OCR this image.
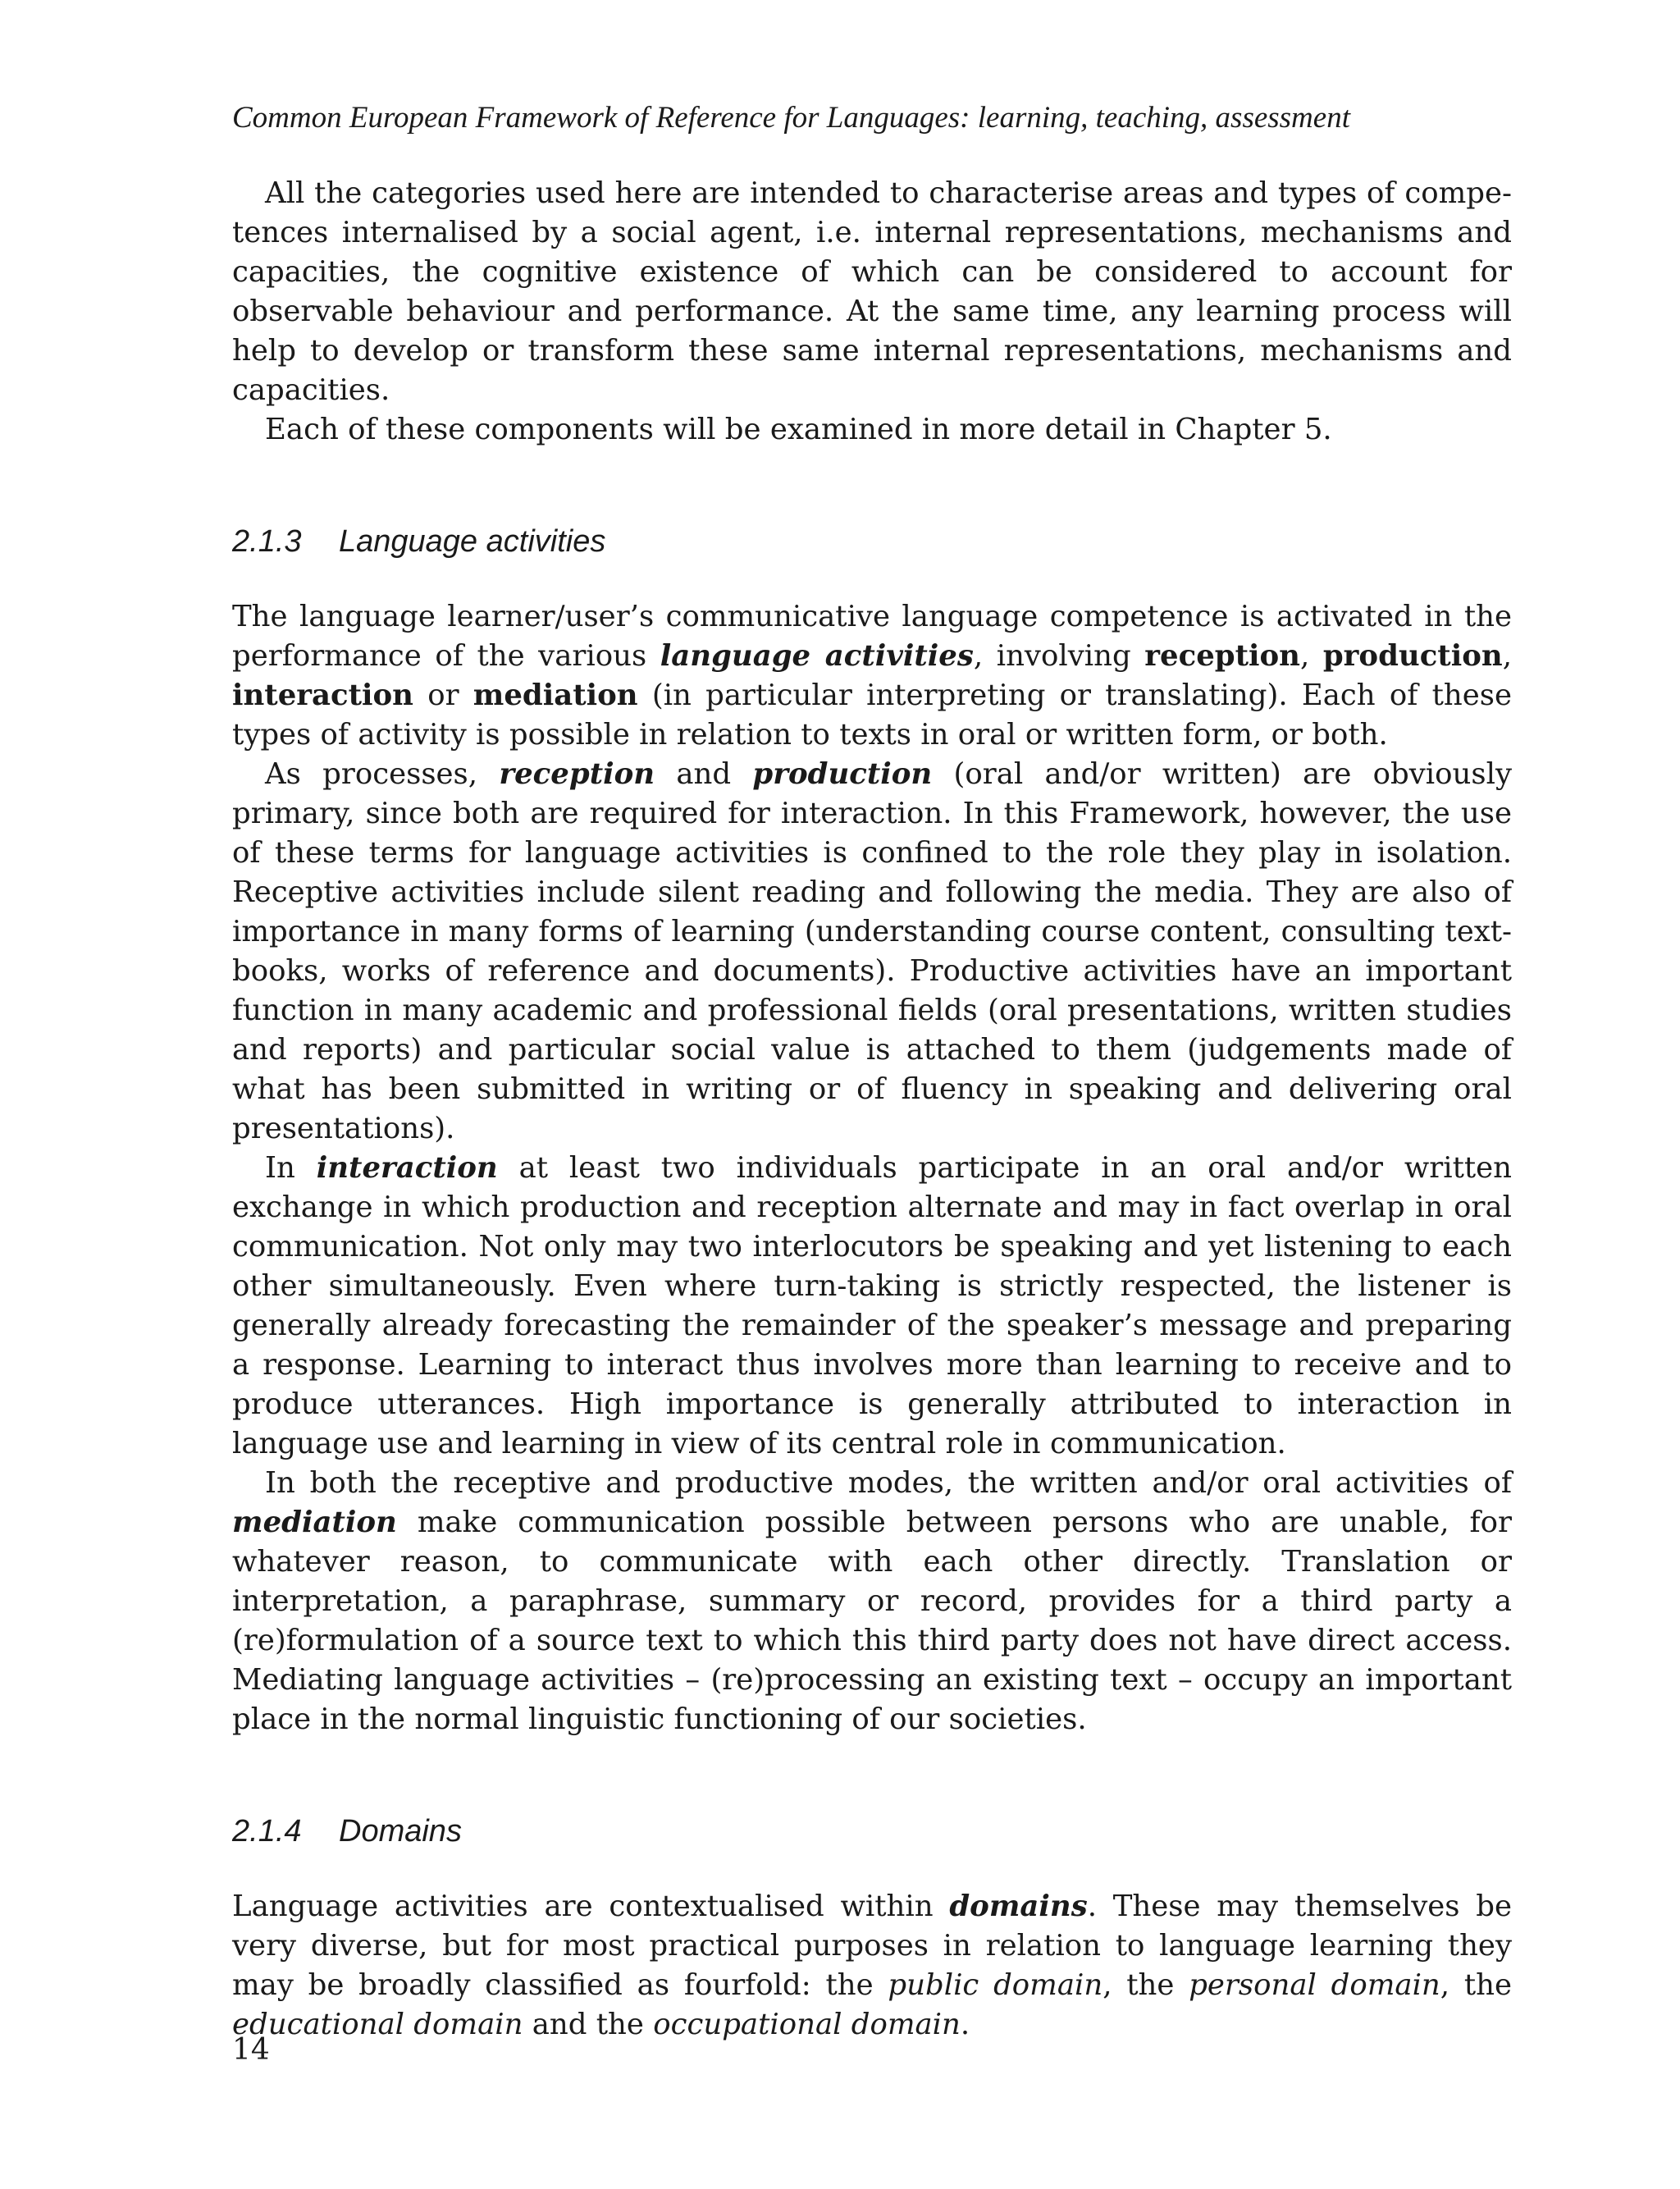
Common European Framework of Reference for Languages: learning, teaching, assessment

All the categories used here are intended to characterise areas and types of competences internalised by a social agent, i.e. internal representations, mechanisms and capacities, the cognitive existence of which can be considered to account for observable behaviour and performance. At the same time, any learning process will help to develop or transform these same internal representations, mechanisms and capacities.

Each of these components will be examined in more detail in Chapter 5.

2.1.3 Language activities

The language learner/user’s communicative language competence is activated in the performance of the various language activities, involving reception, production, interaction or mediation (in particular interpreting or translating). Each of these types of activity is possible in relation to texts in oral or written form, or both.

As processes, reception and production (oral and/or written) are obviously primary, since both are required for interaction. In this Framework, however, the use of these terms for language activities is confined to the role they play in isolation. Receptive activities include silent reading and following the media. They are also of importance in many forms of learning (understanding course content, consulting textbooks, works of reference and documents). Productive activities have an important function in many academic and professional fields (oral presentations, written studies and reports) and particular social value is attached to them (judgements made of what has been submitted in writing or of fluency in speaking and delivering oral presentations).

In interaction at least two individuals participate in an oral and/or written exchange in which production and reception alternate and may in fact overlap in oral communication. Not only may two interlocutors be speaking and yet listening to each other simultaneously. Even where turn-taking is strictly respected, the listener is generally already forecasting the remainder of the speaker’s message and preparing a response. Learning to interact thus involves more than learning to receive and to produce utterances. High importance is generally attributed to interaction in language use and learning in view of its central role in communication.

In both the receptive and productive modes, the written and/or oral activities of mediation make communication possible between persons who are unable, for whatever reason, to communicate with each other directly. Translation or interpretation, a paraphrase, summary or record, provides for a third party a (re)formulation of a source text to which this third party does not have direct access. Mediating language activities – (re)processing an existing text – occupy an important place in the normal linguistic functioning of our societies.

2.1.4 Domains

Language activities are contextualised within domains. These may themselves be very diverse, but for most practical purposes in relation to language learning they may be broadly classified as fourfold: the public domain, the personal domain, the educational domain and the occupational domain.

14
